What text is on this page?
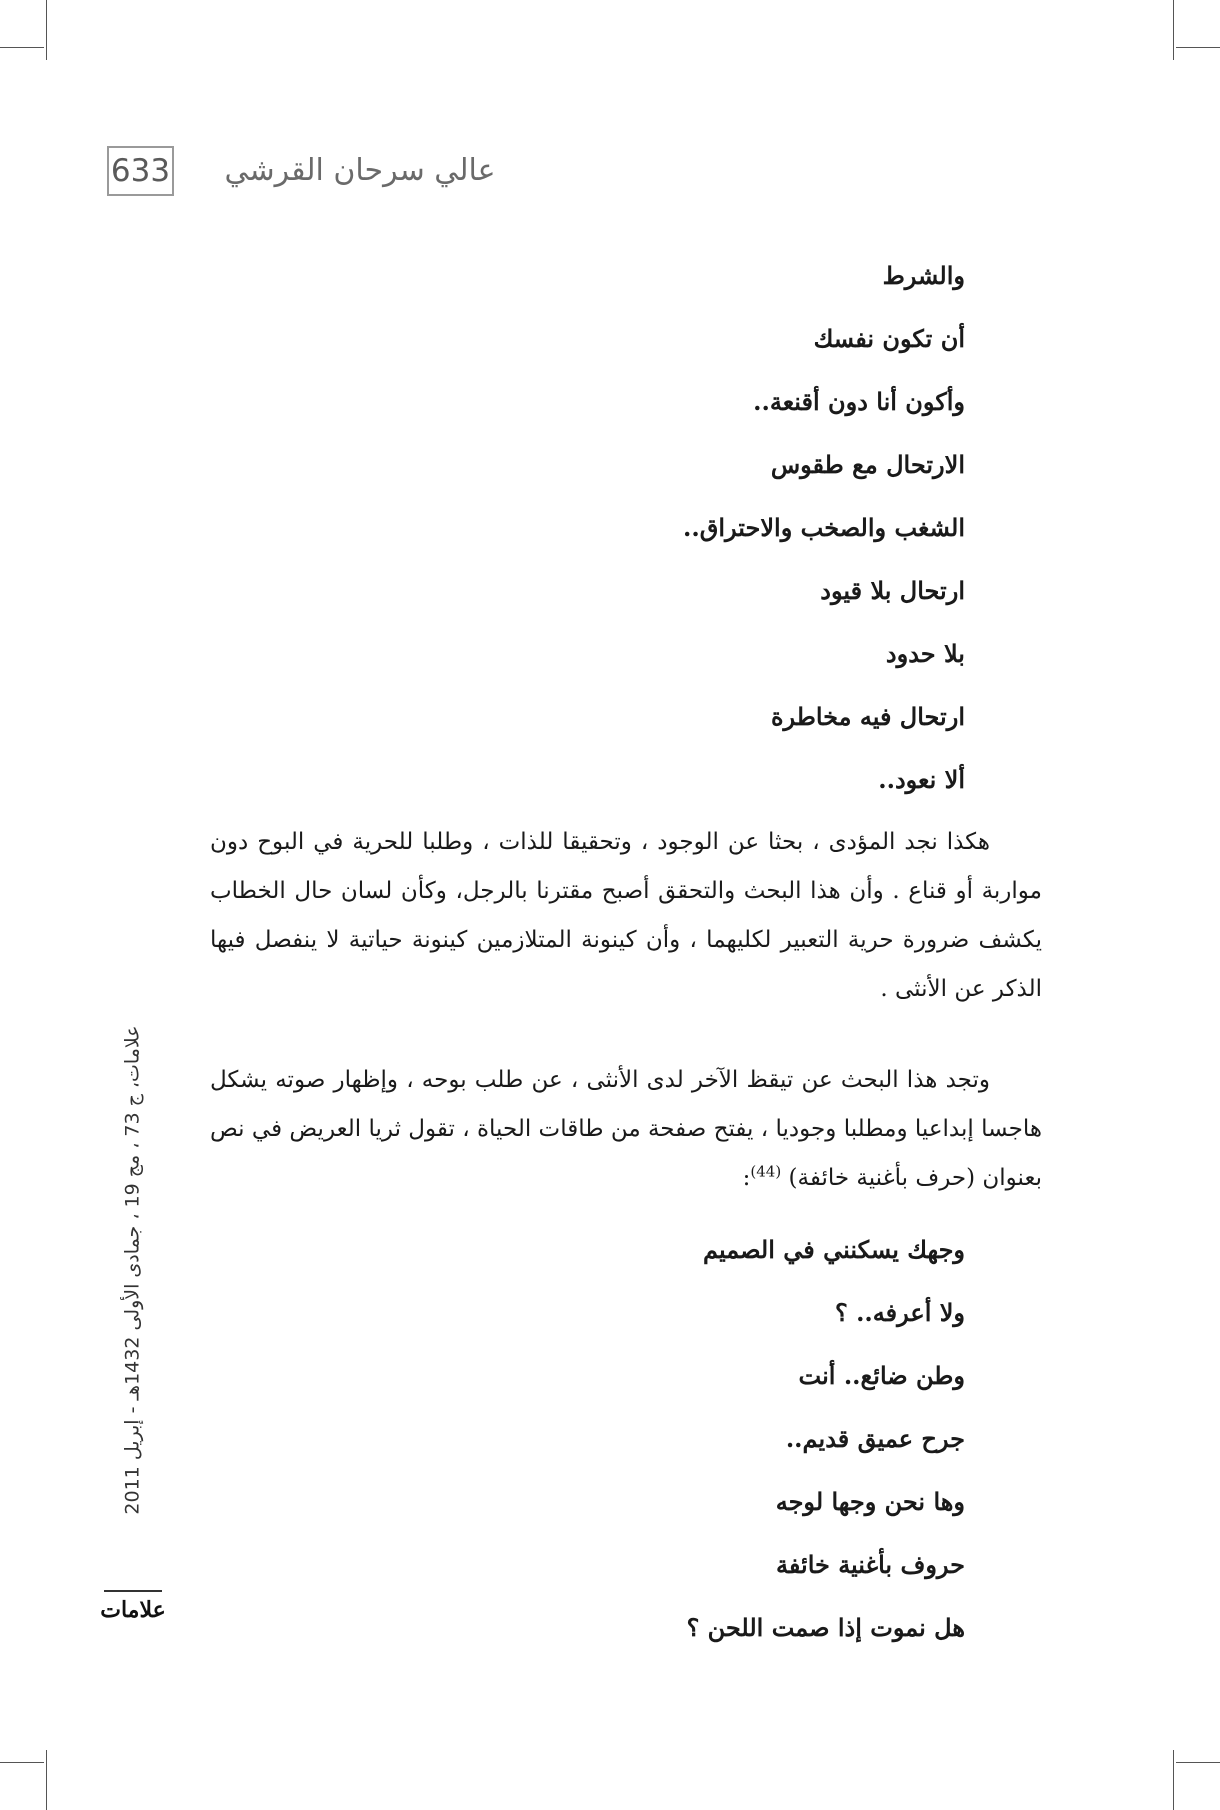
633 عالي سرحان القرشي
والشرط
أن تكون نفسك
وأكون أنا دون أقنعة..
الارتحال مع طقوس
الشغب والصخب والاحتراق..
ارتحال بلا قيود
بلا حدود
ارتحال فيه مخاطرة
ألا نعود..

هكذا نجد المؤدى ، بحثا عن الوجود ، وتحقيقا للذات ، وطلبا للحرية في البوح دون مواربة أو قناع . وأن هذا البحث والتحقق أصبح مقترنا بالرجل، وكأن لسان حال الخطاب يكشف ضرورة حرية التعبير لكليهما ، وأن كينونة المتلازمين كينونة حياتية لا ينفصل فيها الذكر عن الأنثى .

وتجد هذا البحث عن تيقظ الآخر لدى الأنثى ، عن طلب بوحه ، وإظهار صوته يشكل هاجسا إبداعيا ومطلبا وجوديا ، يفتح صفحة من طاقات الحياة ، تقول ثريا العريض في نص بعنوان (حرف بأغنية خائفة) $^{(44)}$:

وجهك يسكنني في الصميم
ولا أعرفه.. ؟
وطن ضائع.. أنت
جرح عميق قديم..
وها نحن وجها لوجه
حروف بأغنية خائفة
هل نموت إذا صمت اللحن ؟
علامات، ج 73 ، مج 19 ، جمادى الأولى 1432هـ - إبريل 2011
علامات
